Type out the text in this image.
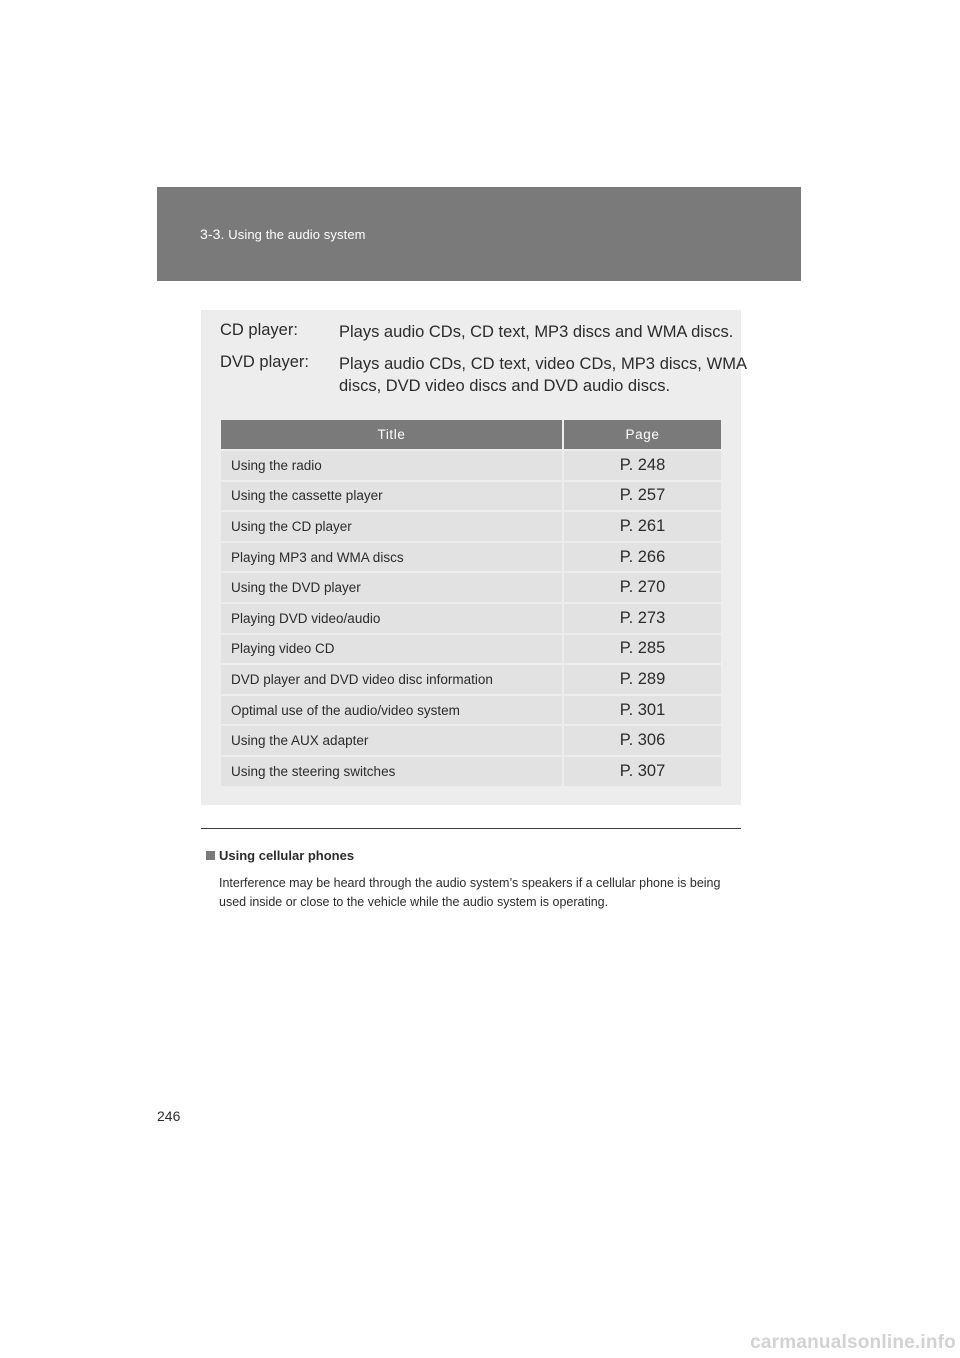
3-3. Using the audio system
CD player: Plays audio CDs, CD text, MP3 discs and WMA discs.
DVD player: Plays audio CDs, CD text, video CDs, MP3 discs, WMA discs, DVD video discs and DVD audio discs.
Title	Page
Using the radio	P. 248
Using the cassette player	P. 257
Using the CD player	P. 261
Playing MP3 and WMA discs	P. 266
Using the DVD player	P. 270
Playing DVD video/audio	P. 273
Playing video CD	P. 285
DVD player and DVD video disc information	P. 289
Optimal use of the audio/video system	P. 301
Using the AUX adapter	P. 306
Using the steering switches	P. 307
Using cellular phones
Interference may be heard through the audio system’s speakers if a cellular phone is being used inside or close to the vehicle while the audio system is operating.
246
carmanualsonline.info
